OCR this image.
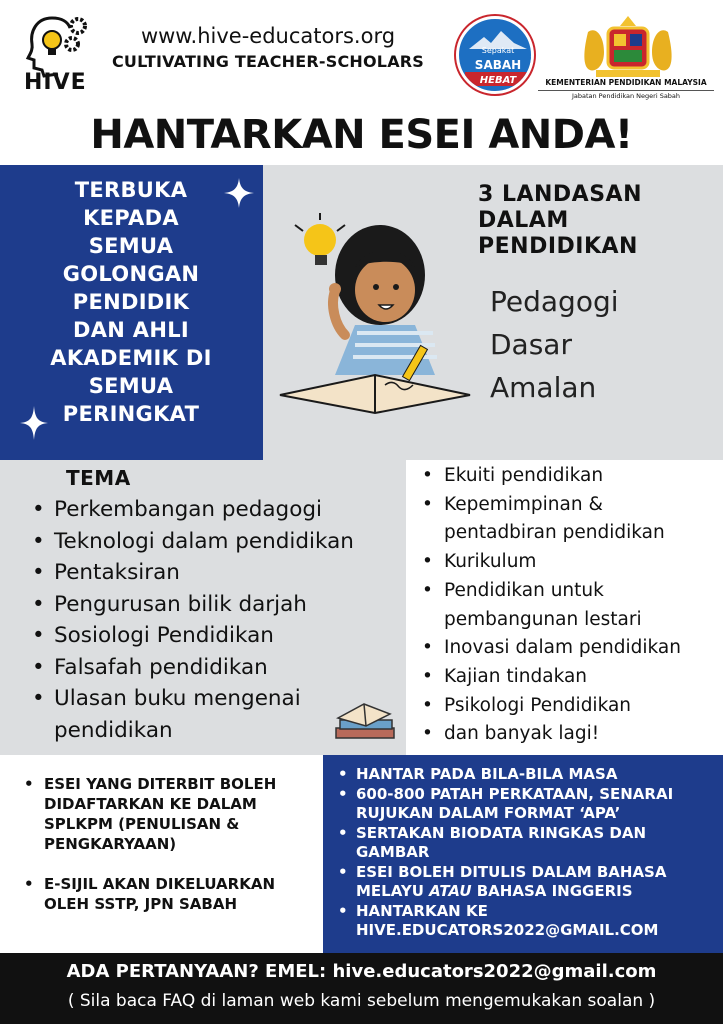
HIVE
www.hive-educators.org
CULTIVATING TEACHER-SCHOLARS
Sepakat
SABAH
HEBAT	KEMENTERIAN PENDIDIKAN MALAYSIA
Jabatan Pendidikan Negeri Sabah
HANTARKAN ESEI ANDA!
TERBUKA
KEPADA
SEMUA
GOLONGAN
PENDIDIK
DAN AHLI
AKADEMIK DI
SEMUA
PERINGKAT
3 LANDASAN
DALAM
PENDIDIKAN
Pedagogi
Dasar
Amalan
TEMA
• Perkembangan pedagogi
• Teknologi dalam pendidikan
• Pentaksiran
• Pengurusan bilik darjah
• Sosiologi Pendidikan
• Falsafah pendidikan
• Ulasan buku mengenai pendidikan
• Ekuiti pendidikan
• Kepemimpinan & pentadbiran pendidikan
• Kurikulum
• Pendidikan untuk pembangunan lestari
• Inovasi dalam pendidikan
• Kajian tindakan
• Psikologi Pendidikan
• dan banyak lagi!
• ESEI YANG DITERBIT BOLEH DIDAFTARKAN KE DALAM SPLKPM (PENULISAN & PENGKARYAAN)
• E-SIJIL AKAN DIKELUARKAN OLEH SSTP, JPN SABAH
• HANTAR PADA BILA-BILA MASA
• 600-800 PATAH PERKATAAN, SENARAI RUJUKAN DALAM FORMAT ‘APA’
• SERTAKAN BIODATA RINGKAS DAN GAMBAR
• ESEI BOLEH DITULIS DALAM BAHASA MELAYU ATAU BAHASA INGGERIS
• HANTARKAN KE HIVE.EDUCATORS2022@GMAIL.COM
ADA PERTANYAAN? EMEL: hive.educators2022@gmail.com
( Sila baca FAQ di laman web kami sebelum mengemukakan soalan )
